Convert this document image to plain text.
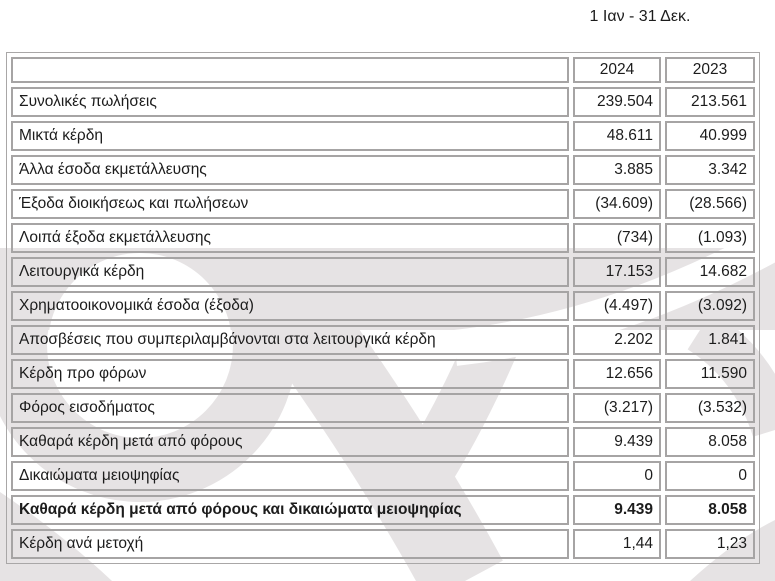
1 Ιαν - 31 Δεκ.
	2024	2023
Συνολικές πωλήσεις	239.504	213.561
Μικτά κέρδη	48.611	40.999
Άλλα έσοδα εκμετάλλευσης	3.885	3.342
Έξοδα διοικήσεως και πωλήσεων	(34.609)	(28.566)
Λοιπά έξοδα εκμετάλλευσης	(734)	(1.093)
Λειτουργικά κέρδη	17.153	14.682
Χρηματοοικονομικά έσοδα (έξοδα)	(4.497)	(3.092)
Αποσβέσεις που συμπεριλαμβάνονται στα λειτουργικά κέρδη	2.202	1.841
Κέρδη προ φόρων	12.656	11.590
Φόρος εισοδήματος	(3.217)	(3.532)
Καθαρά κέρδη μετά από φόρους	9.439	8.058
Δικαιώματα μειοψηφίας	0	0
Καθαρά κέρδη μετά από φόρους και δικαιώματα μειοψηφίας	9.439	8.058
Κέρδη ανά μετοχή	1,44	1,23
